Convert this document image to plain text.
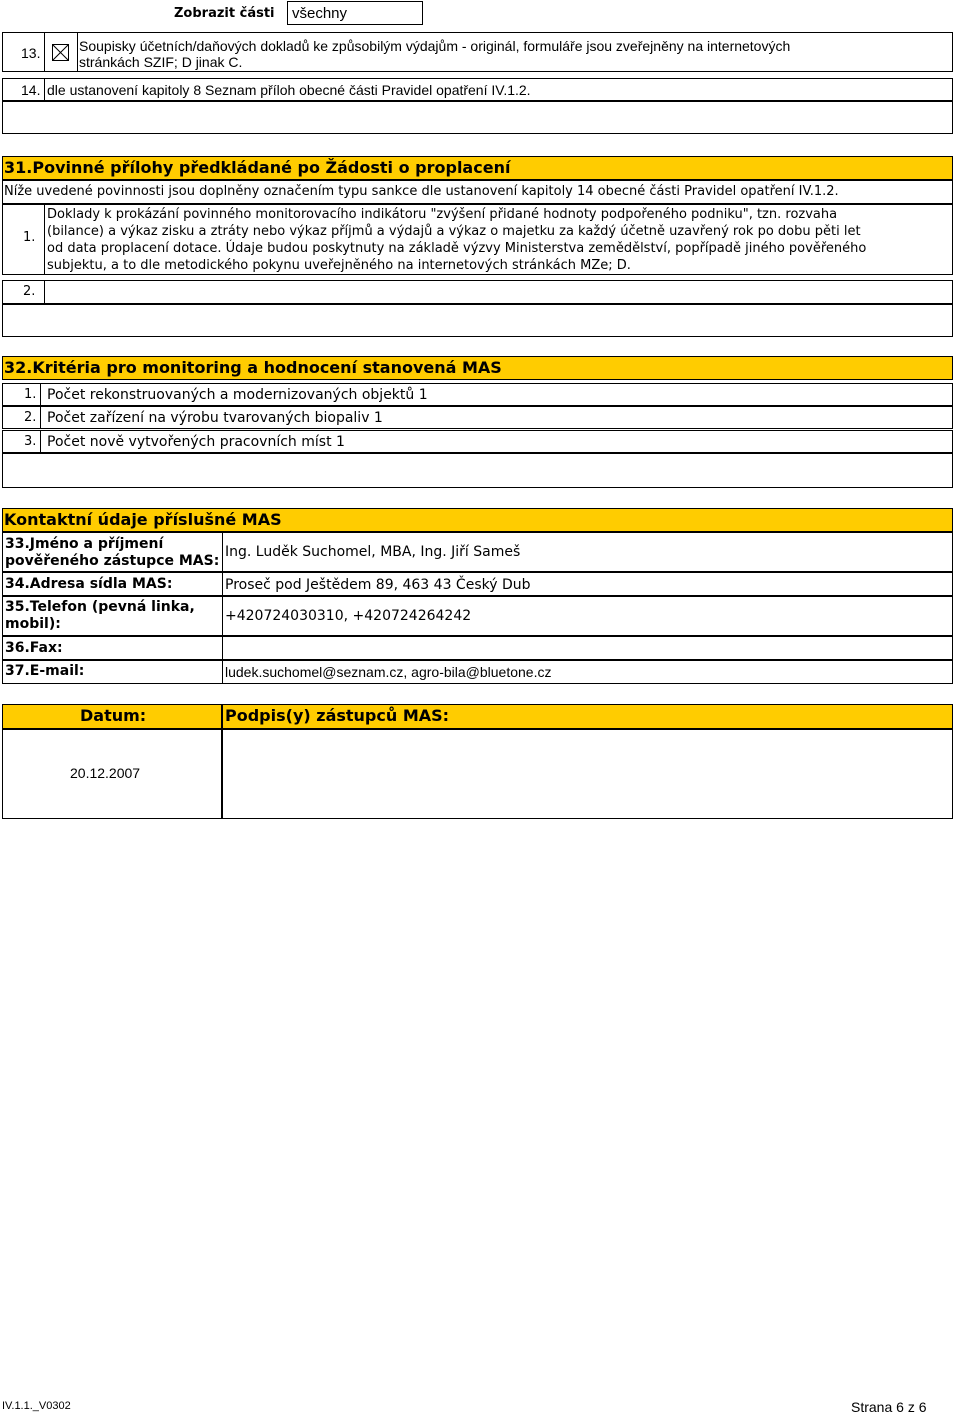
Zobrazit části	všechny
13.	Soupisky účetních/daňových dokladů ke způsobilým výdajům - originál, formuláře jsou zveřejněny na internetových
stránkách SZIF; D jinak C.
14. dle ustanovení kapitoly 8 Seznam příloh obecné části Pravidel opatření IV.1.2.
31.Povinné přílohy předkládané po Žádosti o proplacení
Níže uvedené povinnosti jsou doplněny označením typu sankce dle ustanovení kapitoly 14 obecné části Pravidel opatření IV.1.2.
1.
Doklady k prokázání povinného monitorovacího indikátoru "zvýšení přidané hodnoty podpořeného podniku", tzn. rozvaha
(bilance) a výkaz zisku a ztráty nebo výkaz příjmů a výdajů a výkaz o majetku za každý účetně uzavřený rok po dobu pěti let
od data proplacení dotace. Údaje budou poskytnuty na základě výzvy Ministerstva zemědělství, popřípadě jiného pověřeného
subjektu, a to dle metodického pokynu uveřejněného na internetových stránkách MZe; D.
2.
32.Kritéria pro monitoring a hodnocení stanovená MAS
1. Počet rekonstruovaných a modernizovaných objektů 1
2. Počet zařízení na výrobu tvarovaných biopaliv 1
3. Počet nově vytvořených pracovních míst 1
Kontaktní údaje příslušné MAS
33.Jméno a příjmení
pověřeného zástupce MAS:
Ing. Luděk Suchomel, MBA, Ing. Jiří Sameš
34.Adresa sídla MAS:	Proseč pod Ještědem 89, 463 43 Český Dub
35.Telefon (pevná linka,
mobil):	+420724030310, +420724264242
36.Fax:
37.E-mail:	ludek.suchomel@seznam.cz, agro-bila@bluetone.cz
Datum:	Podpis(y) zástupců MAS:
20.12.2007
IV.1.1._V0302	Strana 6 z 6
